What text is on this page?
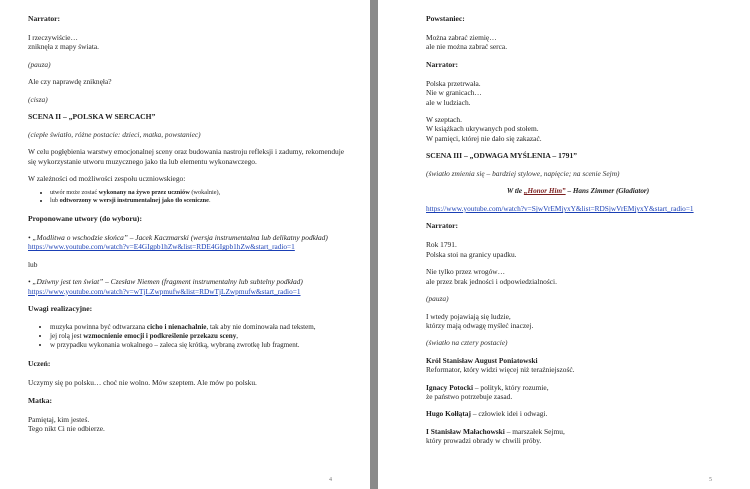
Narrator:
I rzeczywiście…
zniknęła z mapy świata.
(pauza)
Ale czy naprawdę zniknęła?
(cisza)
SCENA II – „POLSKA W SERCACH”
(ciepłe światło, różne postacie: dzieci, matka, powstaniec)
W celu pogłębienia warstwy emocjonalnej sceny oraz budowania nastroju refleksji i zadumy, rekomenduje się wykorzystanie utworu muzycznego jako tła lub elementu wykonawczego.
W zależności od możliwości zespołu uczniowskiego:
• utwór może zostać wykonany na żywo przez uczniów (wokalnie),
• lub odtworzony w wersji instrumentalnej jako tło sceniczne.
Proponowane utwory (do wyboru):
• „Modlitwa o wschodzie słońca” – Jacek Kaczmarski (wersja instrumentalna lub delikatny podkład)
https://www.youtube.com/watch?v=E4GIgpb1hZw&list=RDE4GIgpb1hZw&start_radio=1
lub
• „Dziwny jest ten świat” – Czesław Niemen (fragment instrumentalny lub subtelny podkład)
https://www.youtube.com/watch?v=wTjLZwpmufw&list=RDwTjLZwpmufw&start_radio=1
Uwagi realizacyjne:
• muzyka powinna być odtwarzana cicho i nienachalnie, tak aby nie dominowała nad tekstem,
• jej rolą jest wzmocnienie emocji i podkreślenie przekazu sceny,
• w przypadku wykonania wokalnego – zaleca się krótką, wybraną zwrotkę lub fragment.
Uczeń:
Uczymy się po polsku… choć nie wolno. Mów szeptem. Ale mów po polsku.
Matka:
Pamiętaj, kim jesteś.
Tego nikt Ci nie odbierze.
4
Powstaniec:
Można zabrać ziemię…
ale nie można zabrać serca.
Narrator:
Polska przetrwała.
Nie w granicach…
ale w ludziach.
W szeptach.
W książkach ukrywanych pod stołem.
W pamięci, której nie dało się zakazać.
SCENA III – „ODWAGA MYŚLENIA – 1791”
(światło zmienia się – bardziej stylowe, napięcie; na scenie Sejm)
W tle „Honor Him” – Hans Zimmer (Gladiator)
https://www.youtube.com/watch?v=SjwVrEMjyxY&list=RDSjwVrEMjyxY&start_radio=1
Narrator:
Rok 1791.
Polska stoi na granicy upadku.
Nie tylko przez wrogów…
ale przez brak jedności i odpowiedzialności.
(pauza)
I wtedy pojawiają się ludzie,
którzy mają odwagę myśleć inaczej.
(światło na cztery postacie)
Król Stanisław August Poniatowski
Reformator, który widzi więcej niż teraźniejszość.
Ignacy Potocki – polityk, który rozumie,
że państwo potrzebuje zasad.
Hugo Kołłątaj – człowiek idei i odwagi.
I Stanisław Małachowski – marszałek Sejmu,
który prowadzi obrady w chwili próby.
5
